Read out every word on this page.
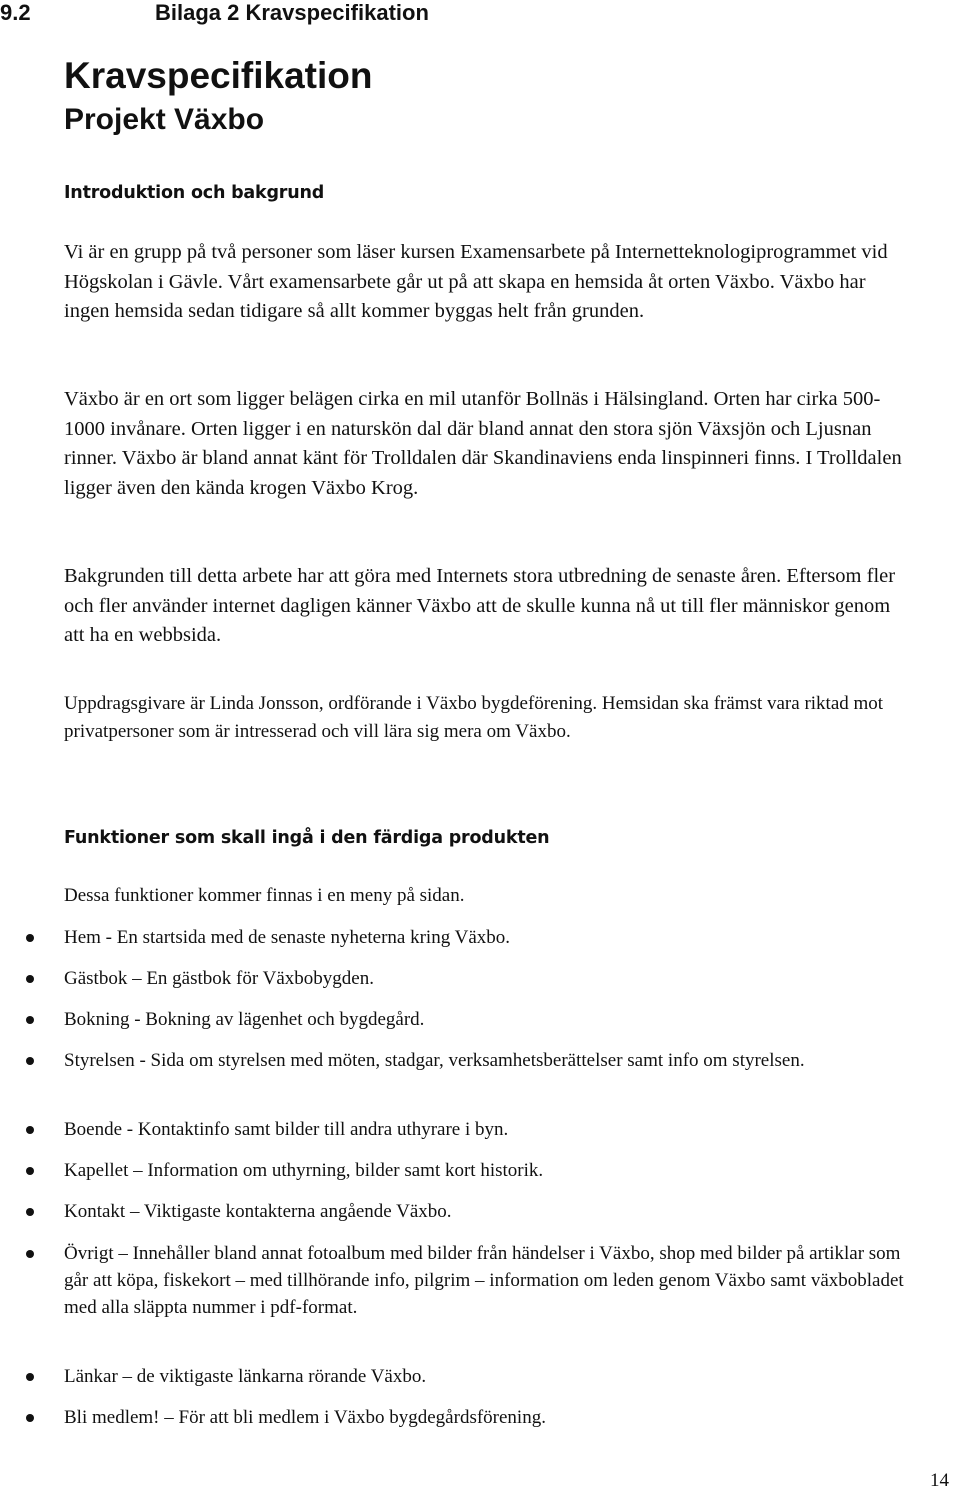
9.2	Bilaga 2 Kravspecifikation
Kravspecifikation
Projekt Växbo
Introduktion och bakgrund

Vi är en grupp på två personer som läser kursen Examensarbete på Internetteknologiprogrammet vid Högskolan i Gävle. Vårt examensarbete går ut på att skapa en hemsida åt orten Växbo. Växbo har ingen hemsida sedan tidigare så allt kommer byggas helt från grunden.

Växbo är en ort som ligger belägen cirka en mil utanför Bollnäs i Hälsingland. Orten har cirka 500-1000 invånare. Orten ligger i en naturskön dal där bland annat den stora sjön Växsjön och Ljusnan rinner. Växbo är bland annat känt för Trolldalen där Skandinaviens enda linspinneri finns. I Trolldalen ligger även den kända krogen Växbo Krog.

Bakgrunden till detta arbete har att göra med Internets stora utbredning de senaste åren. Eftersom fler och fler använder internet dagligen känner Växbo att de skulle kunna nå ut till fler människor genom att ha en webbsida.

Uppdragsgivare är Linda Jonsson, ordförande i Växbo bygdeförening. Hemsidan ska främst vara riktad mot privatpersoner som är intresserad och vill lära sig mera om Växbo.

Funktioner som skall ingå i den färdiga produkten

Dessa funktioner kommer finnas i en meny på sidan.

Hem - En startsida med de senaste nyheterna kring Växbo.
Gästbok – En gästbok för Växbobygden.
Bokning - Bokning av lägenhet och bygdegård.
Styrelsen - Sida om styrelsen med möten, stadgar, verksamhetsberättelser samt info om styrelsen.
Boende - Kontaktinfo samt bilder till andra uthyrare i byn.
Kapellet – Information om uthyrning, bilder samt kort historik.
Kontakt – Viktigaste kontakterna angående Växbo.
Övrigt – Innehåller bland annat fotoalbum med bilder från händelser i Växbo, shop med bilder på artiklar som går att köpa, fiskekort – med tillhörande info, pilgrim – information om leden genom Växbo samt växbobladet med alla släppta nummer i pdf-format.
Länkar – de viktigaste länkarna rörande Växbo.
Bli medlem! – För att bli medlem i Växbo bygdegårdsförening.
14
